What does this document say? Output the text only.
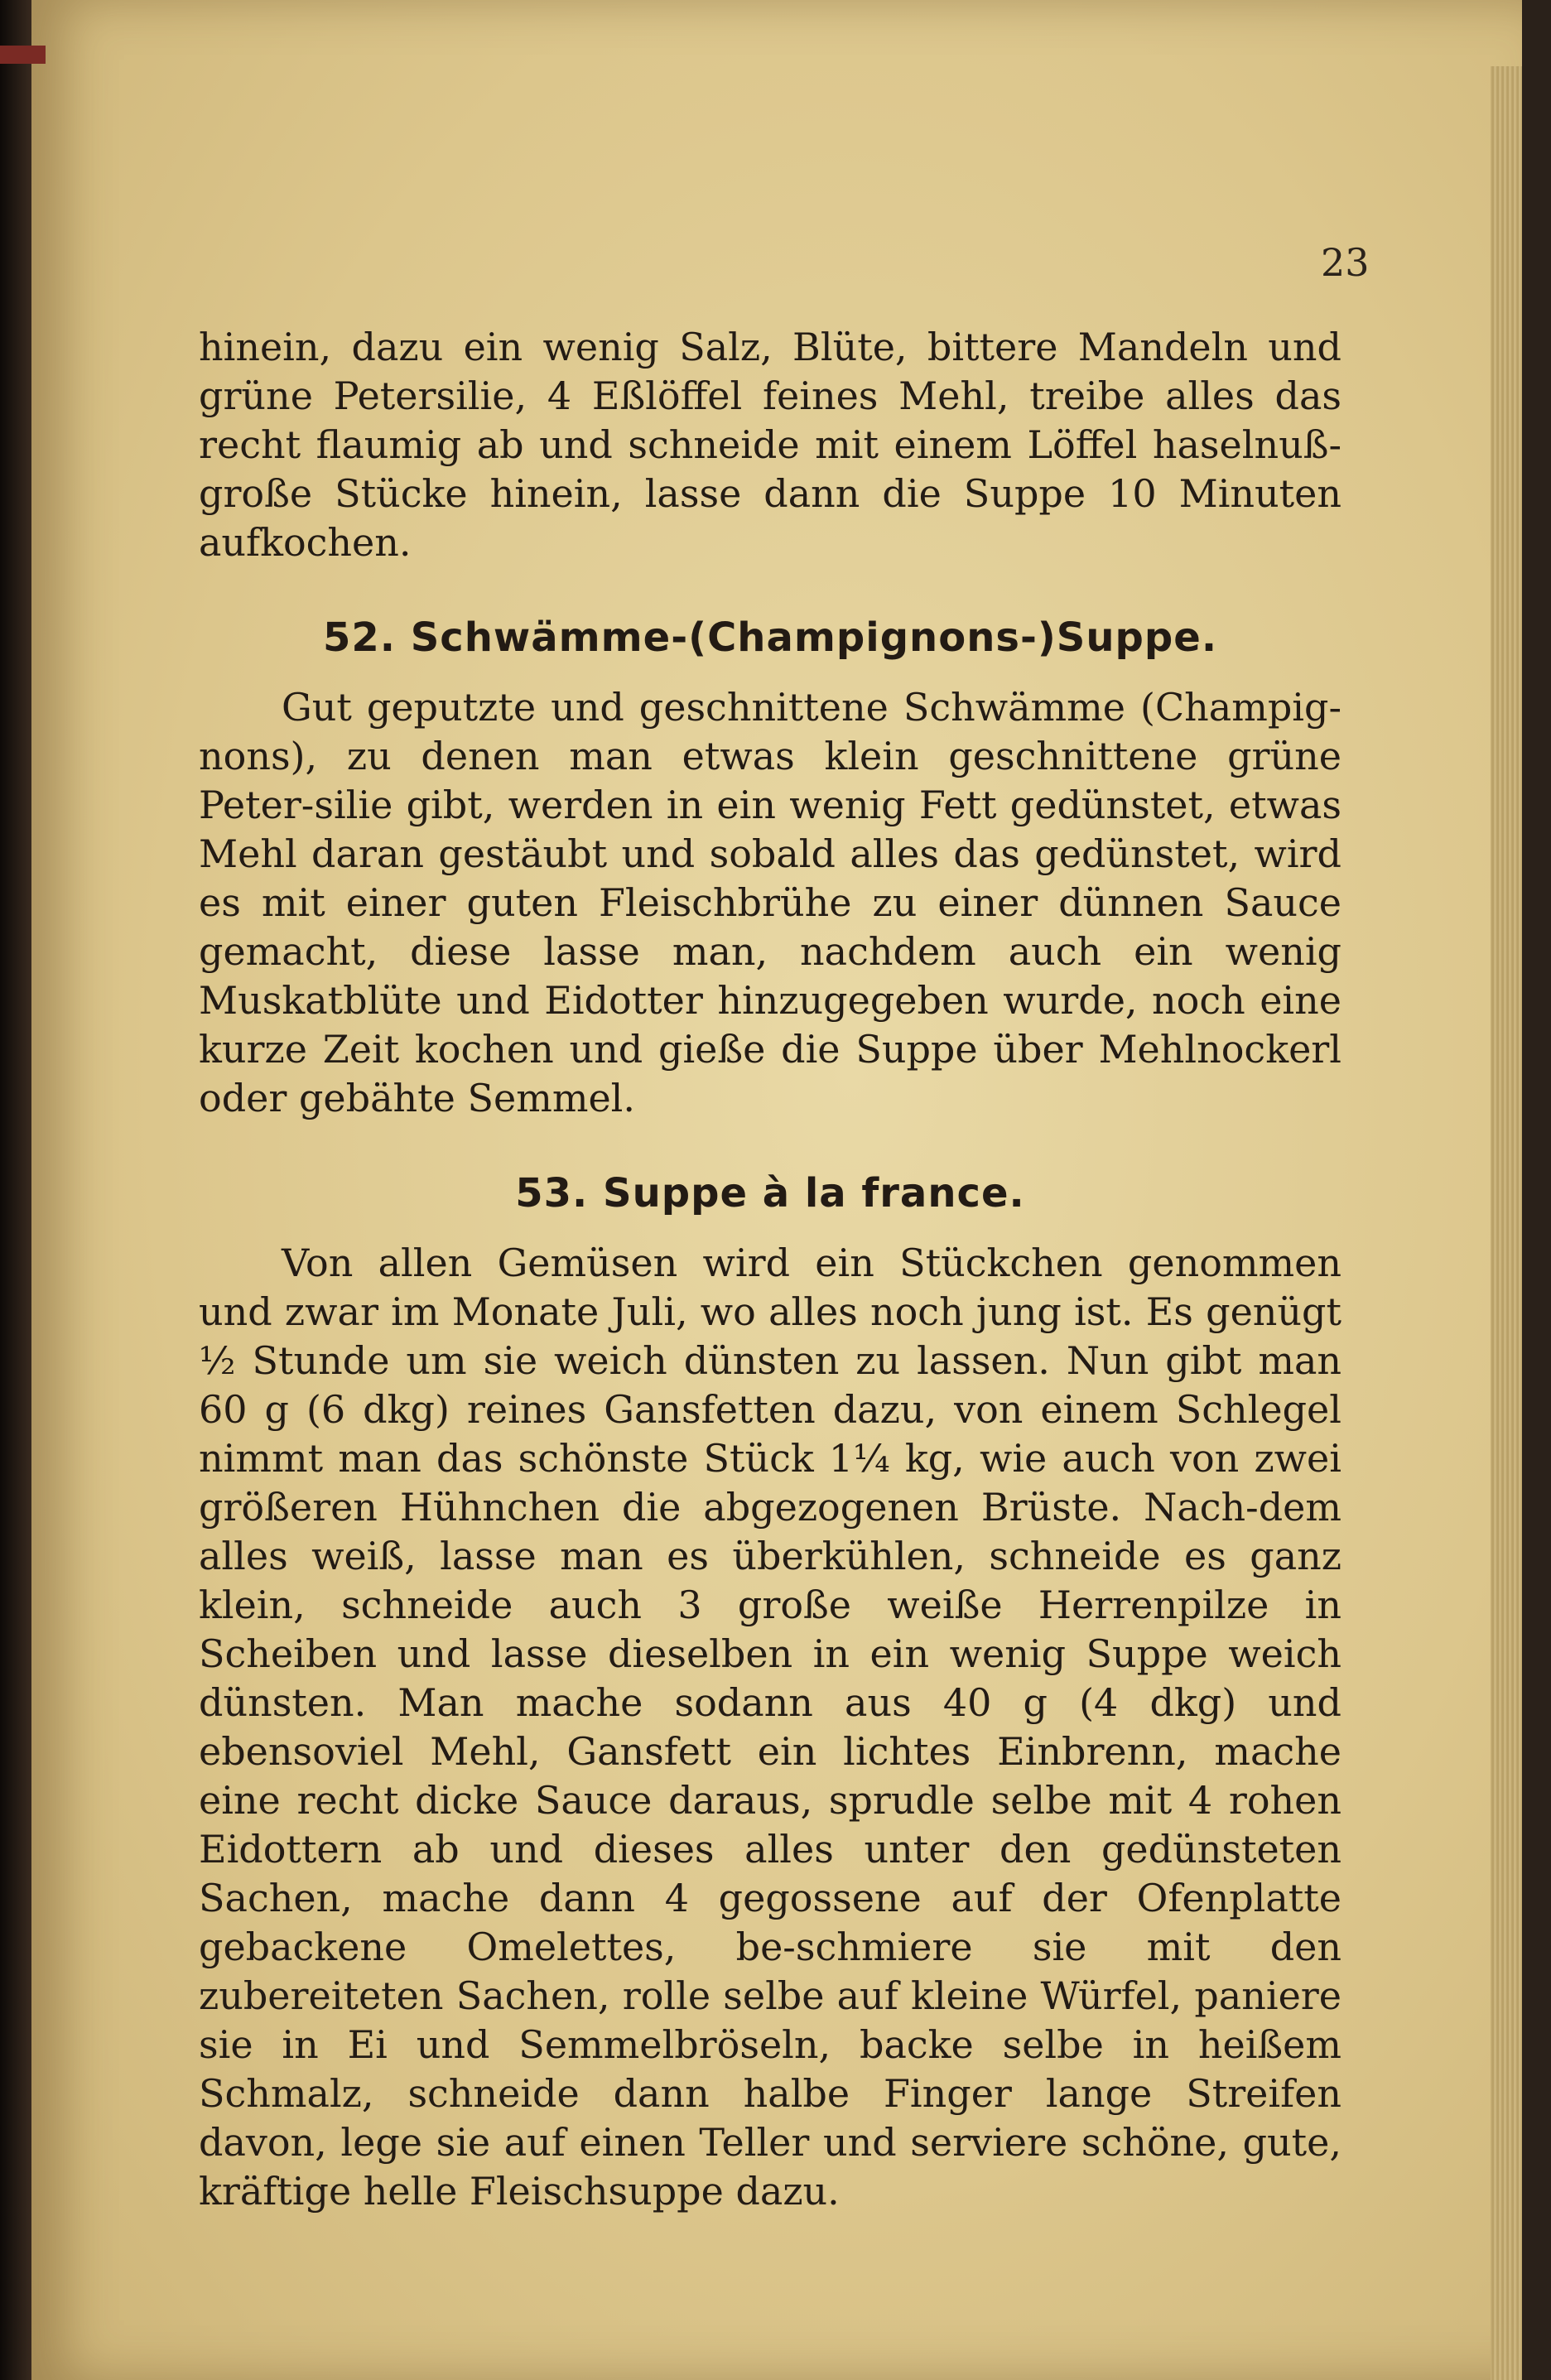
23

hinein, dazu ein wenig Salz, Blüte, bittere Mandeln und grüne Petersilie, 4 Eßlöffel feines Mehl, treibe alles das recht flaumig ab und schneide mit einem Löffel haselnuß-große Stücke hinein, lasse dann die Suppe 10 Minuten aufkochen.

52. Schwämme-(Champignons-)Suppe.

Gut geputzte und geschnittene Schwämme (Champig-nons), zu denen man etwas klein geschnittene grüne Peter-silie gibt, werden in ein wenig Fett gedünstet, etwas Mehl daran gestäubt und sobald alles das gedünstet, wird es mit einer guten Fleischbrühe zu einer dünnen Sauce gemacht, diese lasse man, nachdem auch ein wenig Muskatblüte und Eidotter hinzugegeben wurde, noch eine kurze Zeit kochen und gieße die Suppe über Mehlnockerl oder gebähte Semmel.

53. Suppe à la france.

Von allen Gemüsen wird ein Stückchen genommen und zwar im Monate Juli, wo alles noch jung ist. Es genügt ½ Stunde um sie weich dünsten zu lassen. Nun gibt man 60 g (6 dkg) reines Gansfetten dazu, von einem Schlegel nimmt man das schönste Stück 1¼ kg, wie auch von zwei größeren Hühnchen die abgezogenen Brüste. Nach-dem alles weiß, lasse man es überkühlen, schneide es ganz klein, schneide auch 3 große weiße Herrenpilze in Scheiben und lasse dieselben in ein wenig Suppe weich dünsten. Man mache sodann aus 40 g (4 dkg) und ebensoviel Mehl, Gansfett ein lichtes Einbrenn, mache eine recht dicke Sauce daraus, sprudle selbe mit 4 rohen Eidottern ab und dieses alles unter den gedünsteten Sachen, mache dann 4 gegossene auf der Ofenplatte gebackene Omelettes, be-schmiere sie mit den zubereiteten Sachen, rolle selbe auf kleine Würfel, paniere sie in Ei und Semmelbröseln, backe selbe in heißem Schmalz, schneide dann halbe Finger lange Streifen davon, lege sie auf einen Teller und serviere schöne, gute, kräftige helle Fleischsuppe dazu.
